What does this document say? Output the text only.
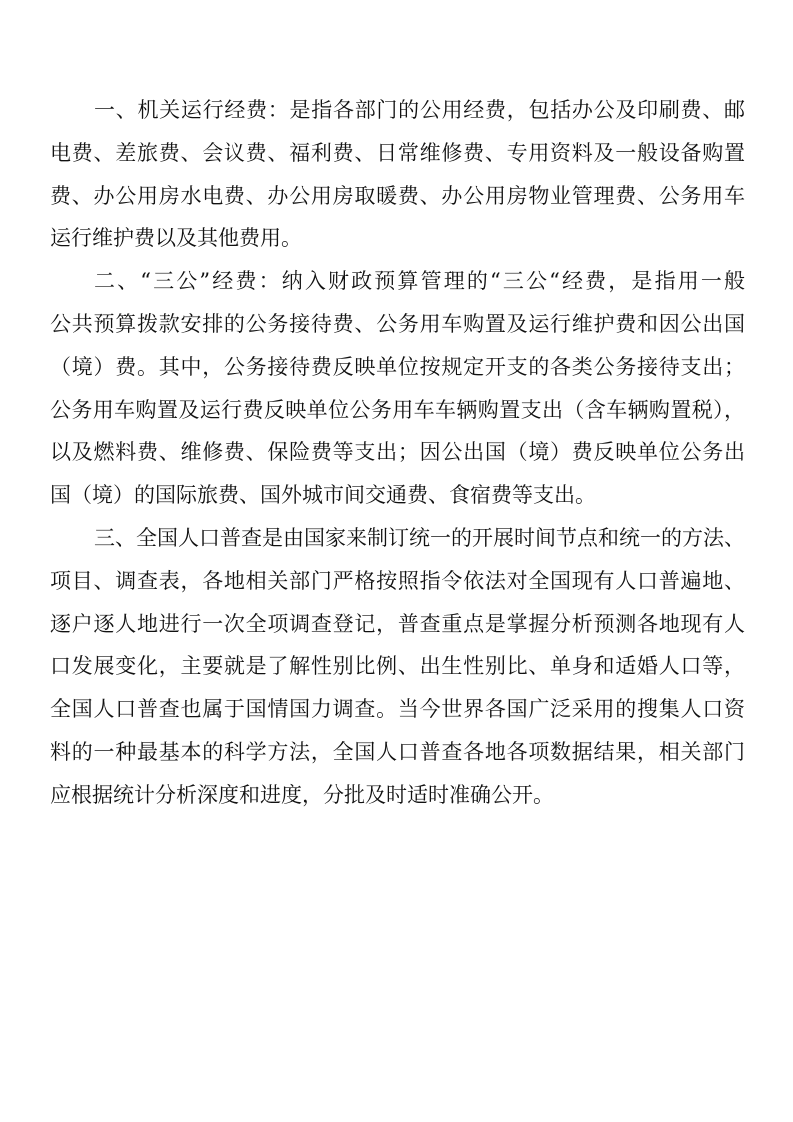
一、机关运行经费：是指各部门的公用经费，包括办公及印刷费、邮
电费、差旅费、会议费、福利费、日常维修费、专用资料及一般设备购置
费、办公用房水电费、办公用房取暖费、办公用房物业管理费、公务用车
运行维护费以及其他费用。
二、“三公”经费：纳入财政预算管理的“三公“经费，是指用一般
公共预算拨款安排的公务接待费、公务用车购置及运行维护费和因公出国
（境）费。其中，公务接待费反映单位按规定开支的各类公务接待支出；
公务用车购置及运行费反映单位公务用车车辆购置支出（含车辆购置税），
以及燃料费、维修费、保险费等支出；因公出国（境）费反映单位公务出
国（境）的国际旅费、国外城市间交通费、食宿费等支出。
三、全国人口普查是由国家来制订统一的开展时间节点和统一的方法、
项目、调查表，各地相关部门严格按照指令依法对全国现有人口普遍地、
逐户逐人地进行一次全项调查登记，普查重点是掌握分析预测各地现有人
口发展变化，主要就是了解性别比例、出生性别比、单身和适婚人口等，
全国人口普查也属于国情国力调查。当今世界各国广泛采用的搜集人口资
料的一种最基本的科学方法，全国人口普查各地各项数据结果，相关部门
应根据统计分析深度和进度，分批及时适时准确公开。
